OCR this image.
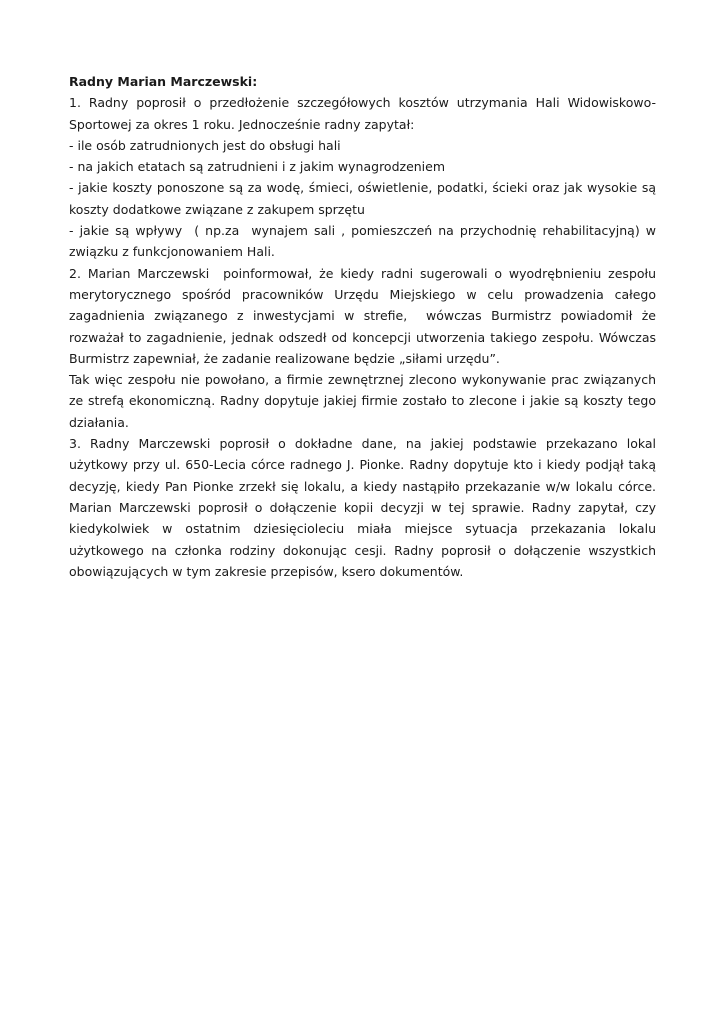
Radny Marian Marczewski:

1. Radny poprosił o przedłożenie szczegółowych kosztów utrzymania Hali Widowiskowo-Sportowej za okres 1 roku. Jednocześnie radny zapytał:

- ile osób zatrudnionych jest do obsługi hali

- na jakich etatach są zatrudnieni i z jakim wynagrodzeniem

- jakie koszty ponoszone są za wodę, śmieci, oświetlenie, podatki, ścieki oraz jak wysokie są koszty dodatkowe związane z zakupem sprzętu

- jakie są wpływy  ( np.za  wynajem sali , pomieszczeń na przychodnię rehabilitacyjną) w związku z funkcjonowaniem Hali.

2. Marian Marczewski  poinformował, że kiedy radni sugerowali o wyodrębnieniu zespołu merytorycznego spośród pracowników Urzędu Miejskiego w celu prowadzenia całego zagadnienia związanego z inwestycjami w strefie,  wówczas Burmistrz powiadomił że rozważał to zagadnienie, jednak odszedł od koncepcji utworzenia takiego zespołu. Wówczas Burmistrz zapewniał, że zadanie realizowane będzie „siłami urzędu”.

Tak więc zespołu nie powołano, a firmie zewnętrznej zlecono wykonywanie prac związanych ze strefą ekonomiczną. Radny dopytuje jakiej firmie zostało to zlecone i jakie są koszty tego działania.

3. Radny Marczewski poprosił o dokładne dane, na jakiej podstawie przekazano lokal użytkowy przy ul. 650-Lecia córce radnego J. Pionke. Radny dopytuje kto i kiedy podjął taką decyzję, kiedy Pan Pionke zrzekł się lokalu, a kiedy nastąpiło przekazanie w/w lokalu córce. Marian Marczewski poprosił o dołączenie kopii decyzji w tej sprawie. Radny zapytał, czy kiedykolwiek w ostatnim dziesięcioleciu miała miejsce sytuacja przekazania lokalu użytkowego na członka rodziny dokonując cesji. Radny poprosił o dołączenie wszystkich obowiązujących w tym zakresie przepisów, ksero dokumentów.
